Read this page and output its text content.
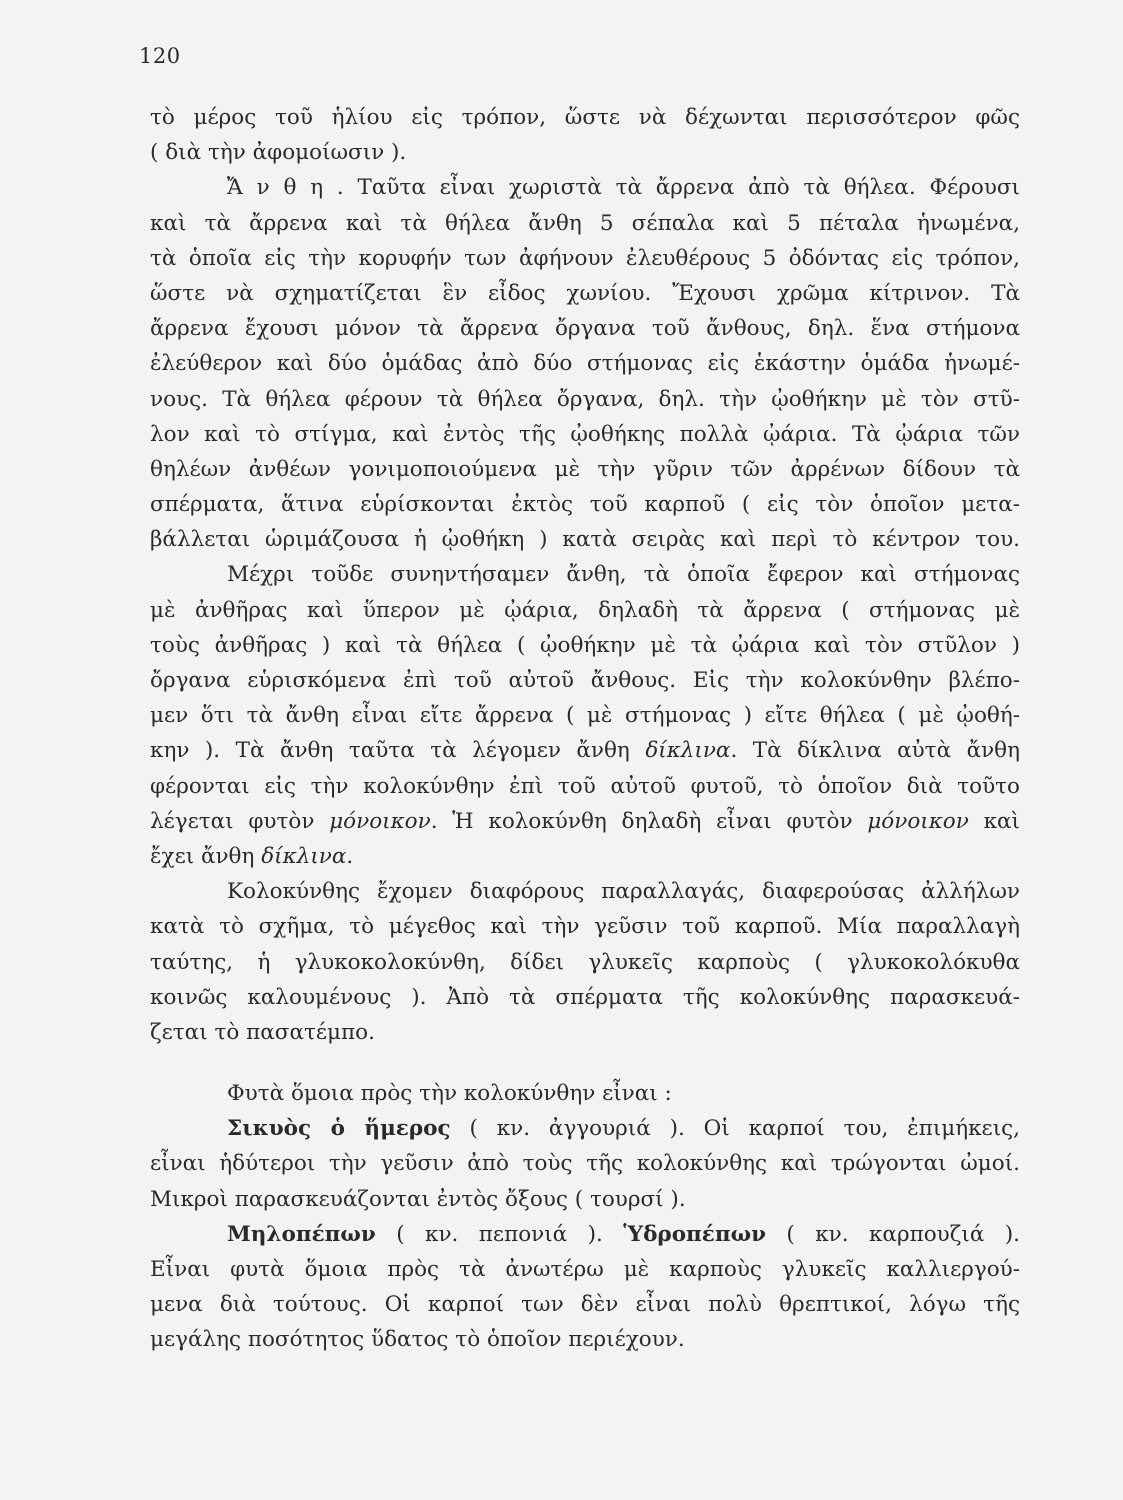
120
τὸ μέρος τοῦ ἡλίου εἰς τρόπον, ὥστε νὰ δέχωνται περισσότερον φῶς
( διὰ τὴν ἀφομοίωσιν ).
Ἄ ν θ η . Ταῦτα εἶναι χωριστὰ τὰ ἄρρενα ἀπὸ τὰ θήλεα. Φέρουσι
καὶ τὰ ἄρρενα καὶ τὰ θήλεα ἄνθη 5 σέπαλα καὶ 5 πέταλα ἡνωμένα,
τὰ ὁποῖα εἰς τὴν κορυφήν των ἀφήνουν ἐλευθέρους 5 ὀδόντας εἰς τρόπον,
ὥστε νὰ σχηματίζεται ἓν εἶδος χωνίου. Ἔχουσι χρῶμα κίτρινον. Τὰ
ἄρρενα ἔχουσι μόνον τὰ ἄρρενα ὄργανα τοῦ ἄνθους, δηλ. ἕνα στήμονα
ἐλεύθερον καὶ δύο ὁμάδας ἀπὸ δύο στήμονας εἰς ἑκάστην ὁμάδα ἡνωμέ-
νους. Τὰ θήλεα φέρουν τὰ θήλεα ὄργανα, δηλ. τὴν ᾠοθήκην μὲ τὸν στῦ-
λον καὶ τὸ στίγμα, καὶ ἐντὸς τῆς ᾠοθήκης πολλὰ ᾠάρια. Τὰ ᾠάρια τῶν
θηλέων ἀνθέων γονιμοποιούμενα μὲ τὴν γῦριν τῶν ἀρρένων δίδουν τὰ
σπέρματα, ἅτινα εὑρίσκονται ἐκτὸς τοῦ καρποῦ ( εἰς τὸν ὁποῖον μετα-
βάλλεται ὡριμάζουσα ἡ ᾠοθήκη ) κατὰ σειρὰς καὶ περὶ τὸ κέντρον του.
Μέχρι τοῦδε συνηντήσαμεν ἄνθη, τὰ ὁποῖα ἔφερον καὶ στήμονας
μὲ ἀνθῆρας καὶ ὕπερον μὲ ᾠάρια, δηλαδὴ τὰ ἄρρενα ( στήμονας μὲ
τοὺς ἀνθῆρας ) καὶ τὰ θήλεα ( ᾠοθήκην μὲ τὰ ᾠάρια καὶ τὸν στῦλον )
ὄργανα εὑρισκόμενα ἐπὶ τοῦ αὐτοῦ ἄνθους. Εἰς τὴν κολοκύνθην βλέπο-
μεν ὅτι τὰ ἄνθη εἶναι εἴτε ἄρρενα ( μὲ στήμονας ) εἴτε θήλεα ( μὲ ᾠοθή-
κην ). Τὰ ἄνθη ταῦτα τὰ λέγομεν ἄνθη δίκλινα. Τὰ δίκλινα αὐτὰ ἄνθη
φέρονται εἰς τὴν κολοκύνθην ἐπὶ τοῦ αὐτοῦ φυτοῦ, τὸ ὁποῖον διὰ τοῦτο
λέγεται φυτὸν μόνοικον. Ἡ κολοκύνθη δηλαδὴ εἶναι φυτὸν μόνοικον καὶ
ἔχει ἄνθη δίκλινα.
Κολοκύνθης ἔχομεν διαφόρους παραλλαγάς, διαφερούσας ἀλλήλων
κατὰ τὸ σχῆμα, τὸ μέγεθος καὶ τὴν γεῦσιν τοῦ καρποῦ. Μία παραλλαγὴ
ταύτης, ἡ γλυκοκολοκύνθη, δίδει γλυκεῖς καρποὺς ( γλυκοκολόκυθα
κοινῶς καλουμένους ). Ἀπὸ τὰ σπέρματα τῆς κολοκύνθης παρασκευά-
ζεται τὸ πασατέμπο.
Φυτὰ ὅμοια πρὸς τὴν κολοκύνθην εἶναι :
Σικυὸς ὁ ἥμερος ( κν. ἀγγουριά ). Οἱ καρποί του, ἐπιμήκεις,
εἶναι ἡδύτεροι τὴν γεῦσιν ἀπὸ τοὺς τῆς κολοκύνθης καὶ τρώγονται ὠμοί.
Μικροὶ παρασκευάζονται ἐντὸς ὄξους ( τουρσί ).
Μηλοπέπων ( κν. πεπονιά ). Ὑδροπέπων ( κν. καρπουζιά ).
Εἶναι φυτὰ ὅμοια πρὸς τὰ ἀνωτέρω μὲ καρποὺς γλυκεῖς καλλιεργού-
μενα διὰ τούτους. Οἱ καρποί των δὲν εἶναι πολὺ θρεπτικοί, λόγω τῆς
μεγάλης ποσότητος ὕδατος τὸ ὁποῖον περιέχουν.
